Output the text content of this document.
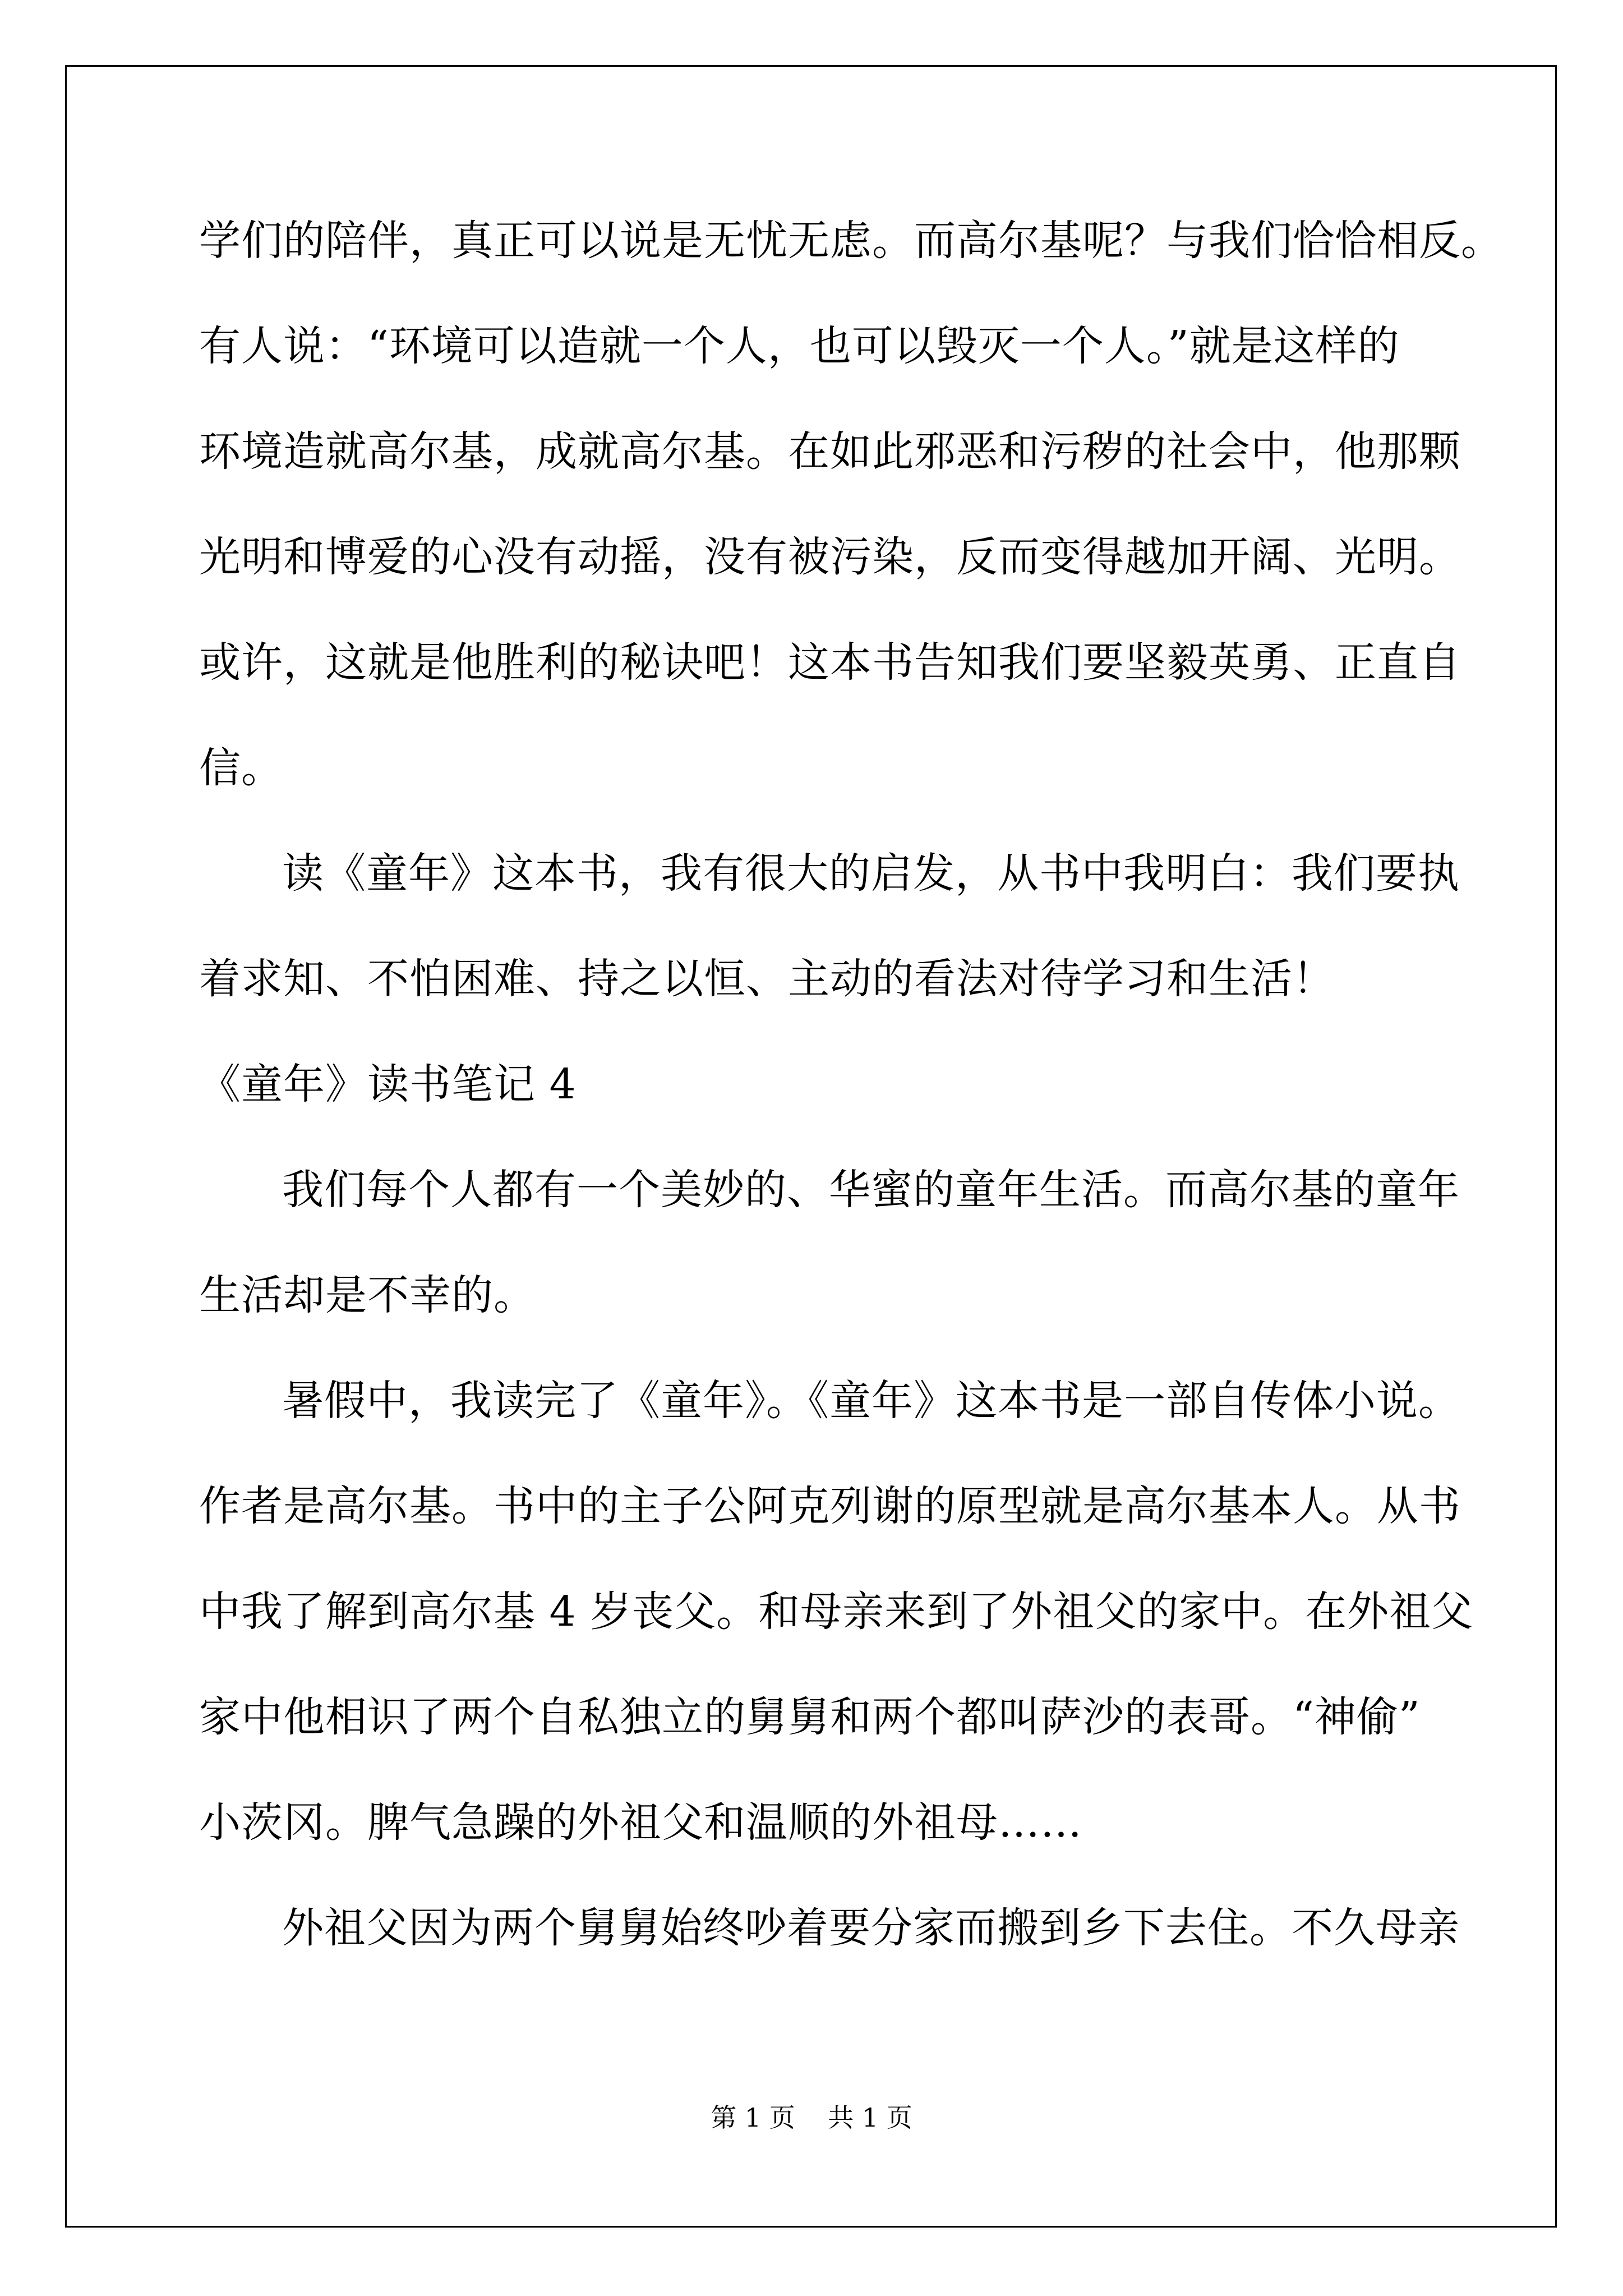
学们的陪伴，真正可以说是无忧无虑。而高尔基呢？与我们恰恰相反。
有人说：“环境可以造就一个人，也可以毁灭一个人。”就是这样的
环境造就高尔基，成就高尔基。在如此邪恶和污秽的社会中，他那颗
光明和博爱的心没有动摇，没有被污染，反而变得越加开阔、光明。
或许，这就是他胜利的秘诀吧！这本书告知我们要坚毅英勇、正直自
信。
读《童年》这本书，我有很大的启发，从书中我明白：我们要执
着求知、不怕困难、持之以恒、主动的看法对待学习和生活！
《童年》读书笔记 4
我们每个人都有一个美妙的、华蜜的童年生活。而高尔基的童年
生活却是不幸的。
暑假中，我读完了《童年》。《童年》这本书是一部自传体小说。
作者是高尔基。书中的主子公阿克列谢的原型就是高尔基本人。从书
中我了解到高尔基 4 岁丧父。和母亲来到了外祖父的家中。在外祖父
家中他相识了两个自私独立的舅舅和两个都叫萨沙的表哥。“神偷”
小茨冈。脾气急躁的外祖父和温顺的外祖母……
外祖父因为两个舅舅始终吵着要分家而搬到乡下去住。不久母亲
第 1 页    共 1 页
